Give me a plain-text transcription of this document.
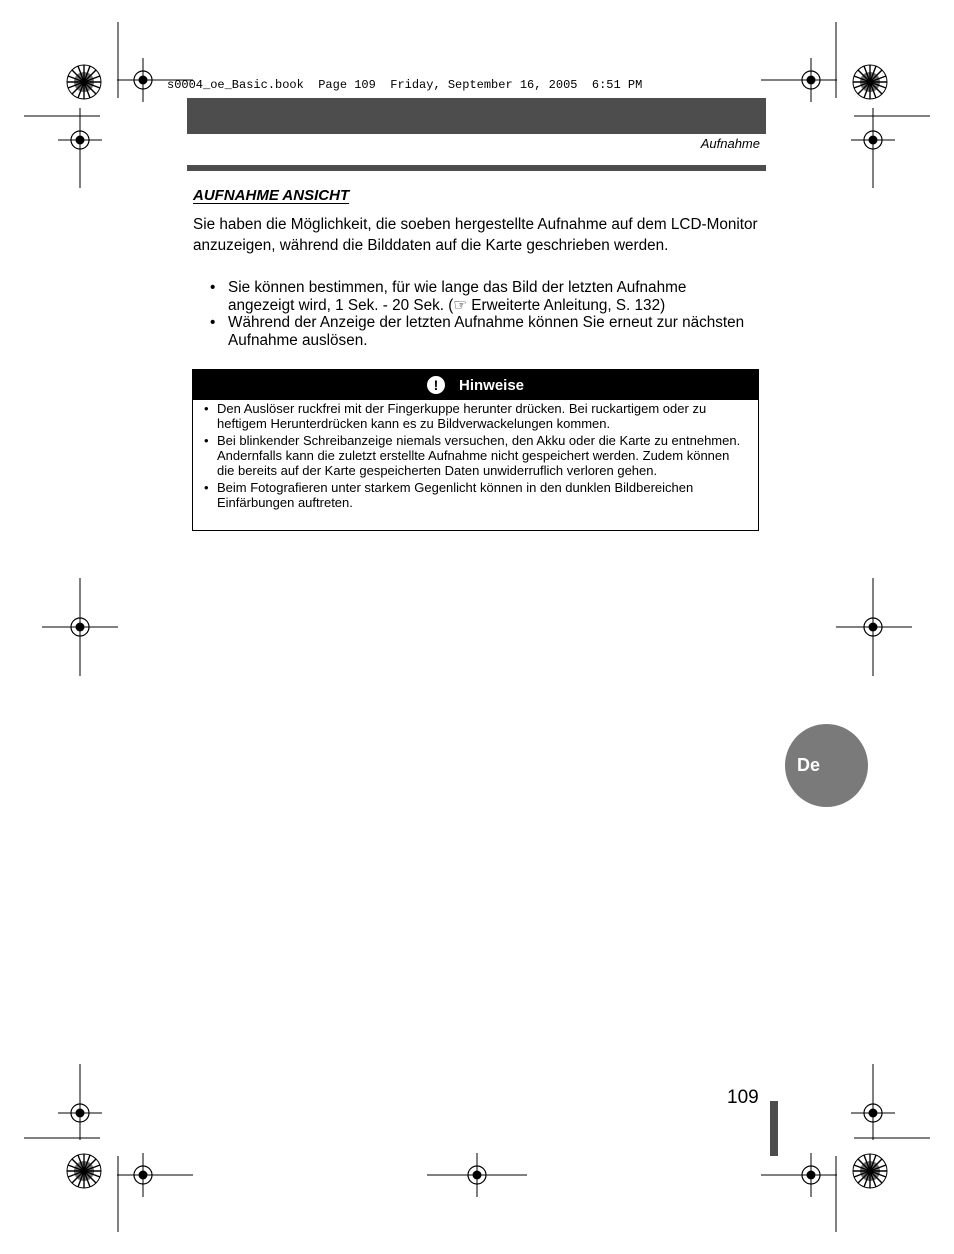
s0004_oe_Basic.book  Page 109  Friday, September 16, 2005  6:51 PM
Aufnahme
AUFNAHME ANSICHT
Sie haben die Möglichkeit, die soeben hergestellte Aufnahme auf dem LCD-Monitor anzuzeigen, während die Bilddaten auf die Karte geschrieben werden.
• Sie können bestimmen, für wie lange das Bild der letzten Aufnahme angezeigt wird, 1 Sek. - 20 Sek. (☞ Erweiterte Anleitung, S. 132)
• Während der Anzeige der letzten Aufnahme können Sie erneut zur nächsten Aufnahme auslösen.
!	Hinweise
• Den Auslöser ruckfrei mit der Fingerkuppe herunter drücken. Bei ruckartigem oder zu heftigem Herunterdrücken kann es zu Bildverwackelungen kommen.
• Bei blinkender Schreibanzeige niemals versuchen, den Akku oder die Karte zu entnehmen. Andernfalls kann die zuletzt erstellte Aufnahme nicht gespeichert werden. Zudem können die bereits auf der Karte gespeicherten Daten unwiderruflich verloren gehen.
• Beim Fotografieren unter starkem Gegenlicht können in den dunklen Bildbereichen Einfärbungen auftreten.
De
109
